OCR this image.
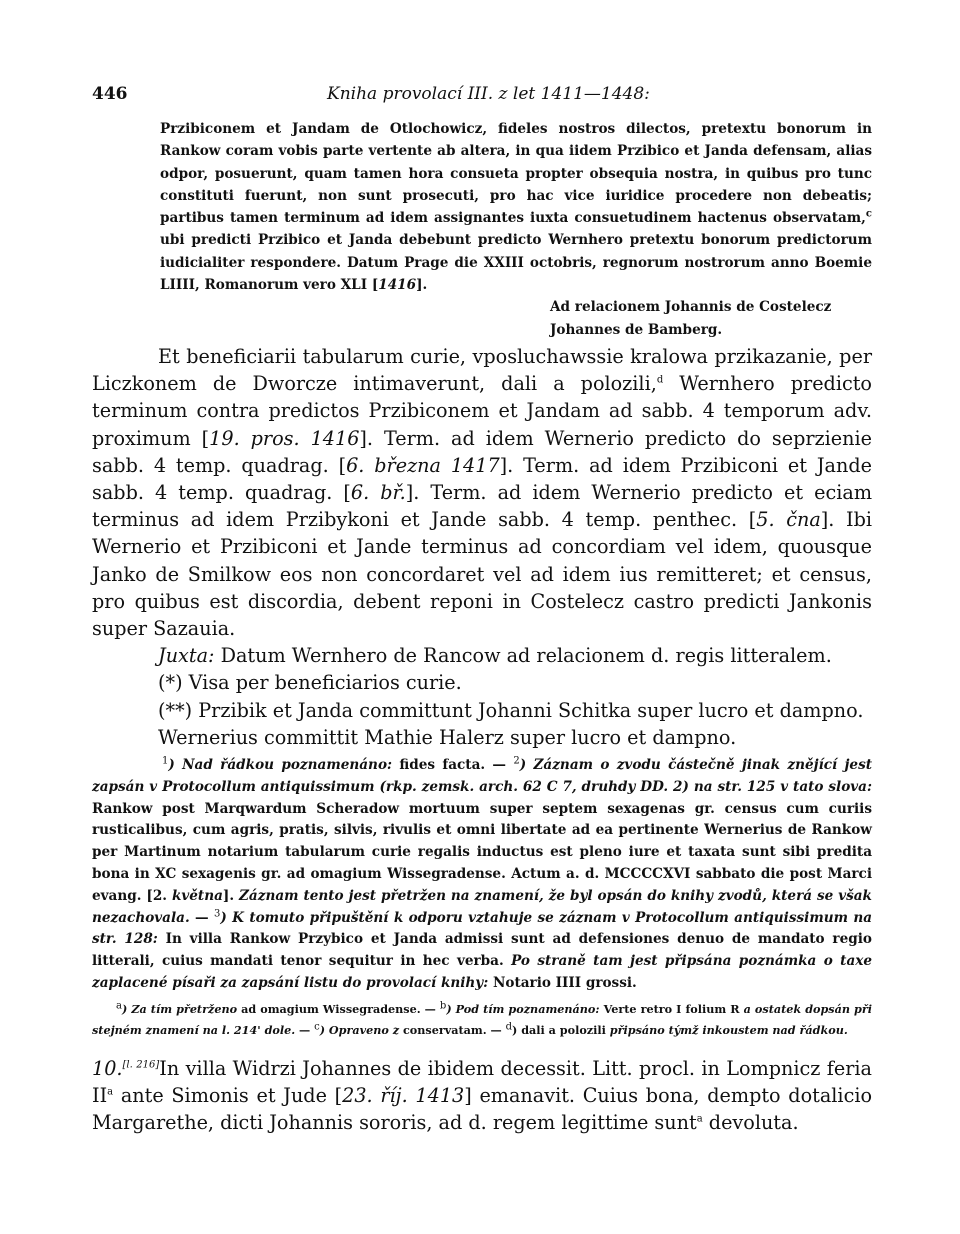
446	Kniha provolací III. z let 1411—1448:
Przibiconem et Jandam de Otlochowicz, fideles nostros dilectos, pretextu bonorum in Rankow coram vobis parte vertente ab altera, in qua iidem Przibico et Janda defensam, alias odpor, posuerunt, quam tamen hora consueta propter obsequia nostra, in quibus pro tunc constituti fuerunt, non sunt prosecuti, pro hac vice iuridice procedere non debeatis; partibus tamen terminum ad idem assignantes iuxta consuetudinem hactenus observatam,$^c$ ubi predicti Przibico et Janda debebunt predicto Wernhero pretextu bonorum predictorum iudicialiter respondere. Datum Prage die XXIII octobris, regnorum nostrorum anno Boemie LIIII, Romanorum vero XLI [1416].
Ad relacionem Johannis de Costelecz
Johannes de Bamberg.
Et beneficiarii tabularum curie, vposluchawssie kralowa przikazanie, per Liczkonem de Dworcze intimaverunt, dali a polozili,$^d$ Wernhero predicto terminum contra predictos Przibiconem et Jandam ad sabb. 4 temporum adv. proximum [19. pros. 1416]. Term. ad idem Wernerio predicto do seprzienie sabb. 4 temp. quadrag. [6. března 1417]. Term. ad idem Przibiconi et Jande sabb. 4 temp. quadrag. [6. bř.]. Term. ad idem Wernerio predicto et eciam terminus ad idem Przibykoni et Jande sabb. 4 temp. penthec. [5. čna]. Ibi Wernerio et Przibiconi et Jande terminus ad concordiam vel idem, quousque Janko de Smilkow eos non concordaret vel ad idem ius remitteret; et census, pro quibus est discordia, debent reponi in Costelecz castro predicti Jankonis super Sazauia.
Juxta: Datum Wernhero de Rancow ad relacionem d. regis litteralem.
(*) Visa per beneficiarios curie.
(**) Przibik et Janda committunt Johanni Schitka super lucro et dampno.
Wernerius committit Mathie Halerz super lucro et dampno.
$^1$) Nad řádkou poznamenáno: fides facta. — $^2$) Záznam o zvodu částečně jinak znějící jest zapsán v Protocollum antiquissimum (rkp. zemsk. arch. 62 C 7, druhdy DD. 2) na str. 125 v tato slova: Rankow post Marqwardum Scheradow mortuum super septem sexagenas gr. census cum curiis rusticalibus, cum agris, pratis, silvis, rivulis et omni libertate ad ea pertinente Wernerius de Rankow per Martinum notarium tabularum curie regalis inductus est pleno iure et taxata sunt sibi predita bona in XC sexagenis gr. ad omagium Wissegradense. Actum a. d. MCCCCXVI sabbato die post Marci evang. [2. května]. Záznam tento jest přetržen na znamení, že byl opsán do knihy zvodů, která se však nezachovala. — $^3$) K tomuto připuštění k odporu vztahuje se záznam v Protocollum antiquissimum na str. 128: In villa Rankow Przybico et Janda admissi sunt ad defensiones denuo de mandato regio litterali, cuius mandati tenor sequitur in hec verba. Po straně tam jest připsána poznámka o taxe zaplacené písaři za zapsání listu do provolací knihy: Notario IIII grossi.
$^a$) Za tím přetrženo ad omagium Wissegradense. — $^b$) Pod tím poznamenáno: Verte retro I folium R a ostatek dopsán při stejném znamení na l. 214' dole. — $^c$) Opraveno z conservatam. — $^d$) dali a polozili připsáno týmž inkoustem nad řádkou.
10.[l. 216]In villa Widrzi Johannes de ibidem decessit. Litt. procl. in Lompnicz feria $II^a$ ante Simonis et Jude [23. říj. 1413] emanavit. Cuius bona, dempto dotalicio Margarethe, dicti Johannis sororis, ad d. regem legittime sunt$^a$ devoluta.
